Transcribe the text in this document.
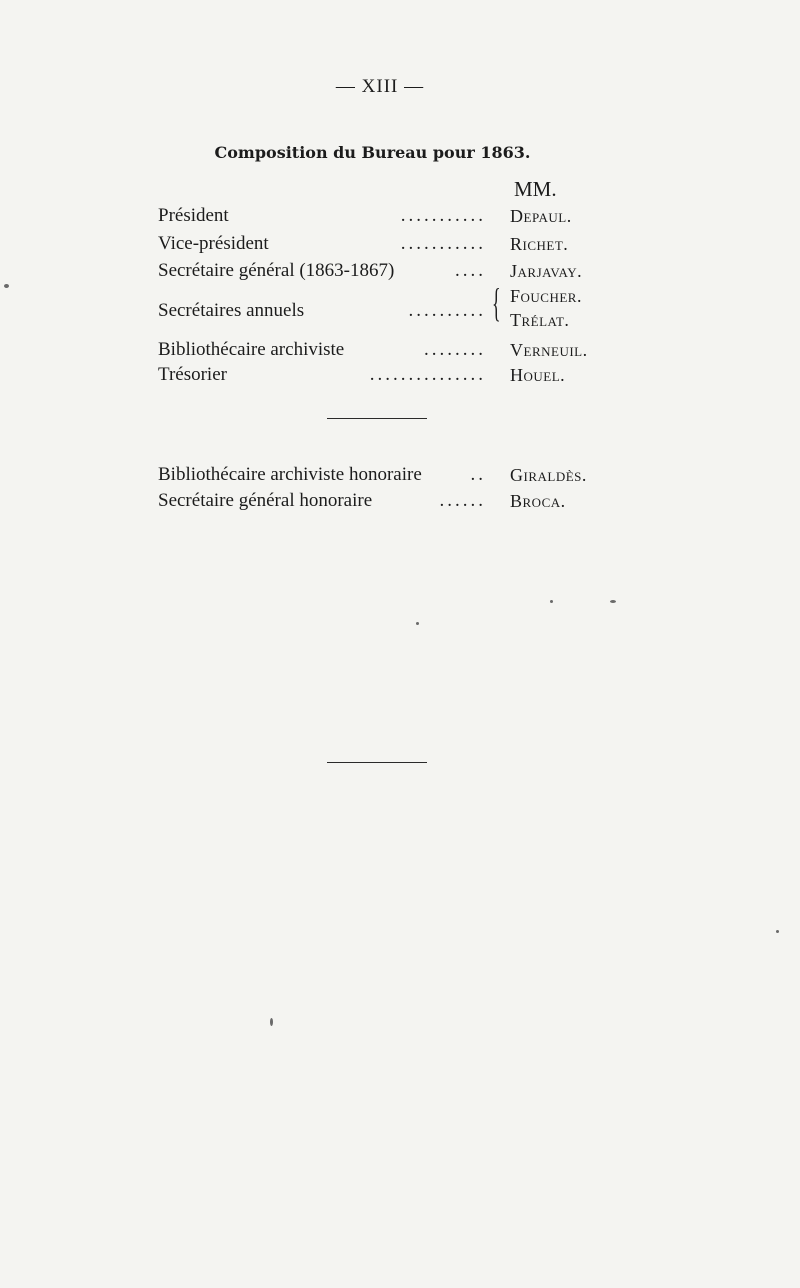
— XIII —
Composition du Bureau pour 1863.
MM.
Président	........... Depaul.
Vice-président	........... Richet.
Secrétaire général (1863-1867)	.... Jarjavay.
Secrétaires annuels	.......... { Foucher.
Trélat.
Bibliothécaire archiviste	........ Verneuil.
Trésorier	............... Houel.
Bibliothécaire archiviste honoraire	.. Giraldès.
Secrétaire général honoraire	...... Broca.
